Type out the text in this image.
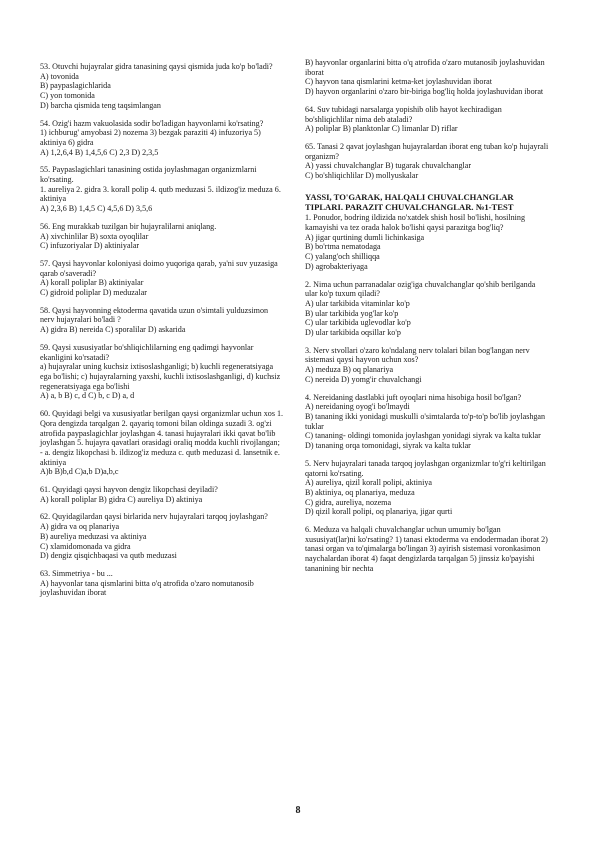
53. Otuvchi hujayralar gidra tanasining qaysi qismida juda ko'p bo'ladi?
A) tovonida
B) paypaslagichlarida
C) yon tomonida
D) barcha qismida teng taqsimlangan
54. Ozig'i hazm vakuolasida sodir bo'ladigan hayvonlarni ko'rsating?
1) ichburug' amyobasi 2) nozema 3) bezgak paraziti 4) infuzoriya 5) aktiniya 6) gidra
A) 1,2,6,4 B) 1,4,5,6 C) 2,3 D) 2,3,5
55. Paypaslagichlari tanasining ostida joylashmagan organizmlarni ko'rsating.
1. aureliya 2. gidra 3. korall polip 4. qutb meduzasi 5. ildizog'iz meduza 6. aktiniya
A) 2,3,6 B) 1,4,5 C) 4,5,6 D) 3,5,6
56. Eng murakkab tuzilgan bir hujayralilarni aniqlang.
A) xivchinlilar B) soxta oyoqlilar
C) infuzoriyalar D) aktiniyalar
57. Qaysi hayvonlar koloniyasi doimo yuqoriga qarab, ya'ni suv yuzasiga qarab o'saveradi?
A) korall poliplar B) aktiniyalar
C) gidroid poliplar D) meduzalar
58. Qaysi hayvonning ektoderma qavatida uzun o'simtali yulduzsimon nerv hujayralari bo'ladi ?
A) gidra B) nereida C) sporalilar D) askarida
59. Qaysi xususiyatlar bo'shliqichlilarning eng qadimgi hayvonlar ekanligini ko'rsatadi?
a) hujayralar uning kuchsiz ixtisoslashganligi; b) kuchli regeneratsiyaga ega bo'lishi; c) hujayralarning yaxshi, kuchli ixtisoslashganligi, d) kuchsiz regeneratsiyaga ega bo'lishi
A) a, b B) c, d C) b, c D) a, d
60. Quyidagi belgi va xususiyatlar berilgan qaysi organizmlar uchun xos 1. Qora dengizda tarqalgan 2. qayariq tomoni bilan oldinga suzadi 3. og'zi atrofida paypaslagichlar joylashgan 4. tanasi hujayralari ikki qavat bo'lib joylashgan 5. hujayra qavatlari orasidagi oraliq modda kuchli rivojlangan; - a. dengiz likopchasi b. ildizog'iz meduza c. qutb meduzasi d. lansetnik e. aktiniya
A)b B)b,d C)a,b D)a,b,c
61. Quyidagi qaysi hayvon dengiz likopchasi deyiladi?
A) korall poliplar B) gidra C) aureliya D) aktiniya
62. Quyidagilardan qaysi birlarida nerv hujayralari tarqoq joylashgan?
A) gidra va oq planariya
B) aureliya meduzasi va aktiniya
C) xlamidomonada va gidra
D) dengiz qisqichbaqasi va qutb meduzasi
63. Simmetriya - bu ...
A) hayvonlar tana qismlarini bitta o'q atrofida o'zaro nomutanosib joylashuvidan iborat
B) hayvonlar organlarini bitta o'q atrofida o'zaro mutanosib joylashuvidan iborat
C) hayvon tana qismlarini ketma-ket joylashuvidan iborat
D) hayvon organlarini o'zaro bir-biriga bog'liq holda joylashuvidan iborat
64. Suv tubidagi narsalarga yopishib olib hayot kechiradigan bo'shliqichlilar nima deb ataladi?
A) poliplar B) planktonlar C) limanlar D) riflar
65. Tanasi 2 qavat joylashgan hujayralardan iborat eng tuban ko'p hujayrali organizm?
A) yassi chuvalchanglar B) tugarak chuvalchanglar
C) bo'shliqichlilar D) mollyuskalar
YASSI, TO'GARAK, HALQALI CHUVALCHANGLAR TIPLARI. PARAZIT CHUVALCHANGLAR. №1-TEST
1. Ponudor, bodring ildizida no'xatdek shish hosil bo'lishi, hosilning kamayishi va tez orada halok bo'lishi qaysi parazitga bog'liq?
A) jigar qurtining dumli lichinkasiga
B) bo'rtma nematodaga
C) yalang'och shilliqqa
D) agrobakteriyaga
2. Nima uchun parranadalar ozig'iga chuvalchanglar qo'shib berilganda ular ko'p tuxum qiladi?
A) ular tarkibida vitaminlar ko'p
B) ular tarkibida yog'lar ko'p
C) ular tarkibida uglevodlar ko'p
D) ular tarkibida oqsillar ko'p
3. Nerv stvollari o'zaro ko'ndalang nerv tolalari bilan bog'langan nerv sistemasi qaysi hayvon uchun xos?
A) meduza B) oq planariya
C) nereida D) yomg'ir chuvalchangi
4. Nereidaning dastlabki juft oyoqlari nima hisobiga hosil bo'lgan?
A) nereidaning oyog'i bo'lmaydi
B) tananing ikki yonidagi muskulli o'simtalarda to'p-to'p bo'lib joylashgan tuklar
C) tananing- oldingi tomonida joylashgan yonidagi siyrak va kalta tuklar
D) tananing orqa tomonidagi, siyrak va kalta tuklar
5. Nerv hujayralari tanada tarqoq joylashgan organizmlar to'g'ri keltirilgan qatorni ko'rsating.
A) aureliya, qizil korall polipi, aktiniya
B) aktiniya, oq planariya, meduza
C) gidra, aureliya, nozema
D) qizil korall polipi, oq planariya, jigar qurti
6. Meduza va halqali chuvalchanglar uchun umumiy bo'lgan xususiyat(lar)ni ko'rsating? 1) tanasi ektoderma va endodermadan iborat 2) tanasi organ va to'qimalarga bo'lingan 3) ayirish sistemasi voronkasimon naychalardan iborat 4) faqat dengizlarda tarqalgan 5) jinssiz ko'payishi tananining bir nechta
8
